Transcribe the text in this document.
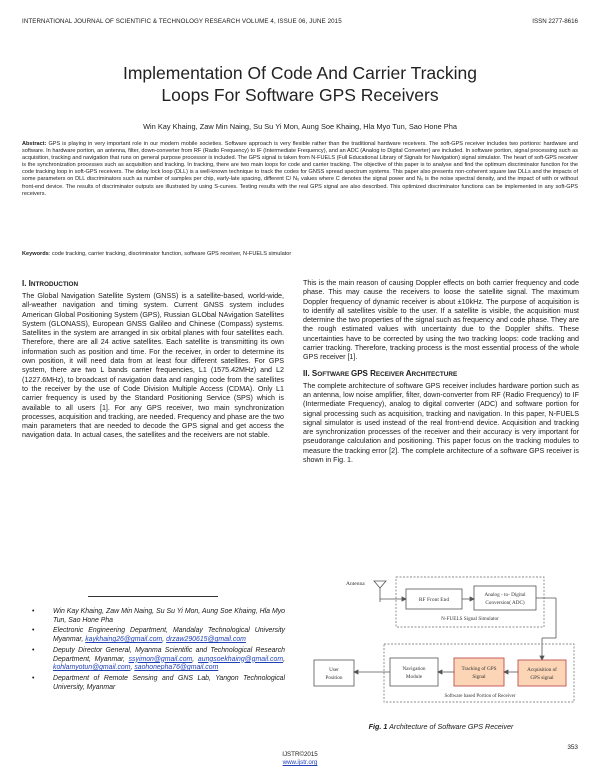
INTERNATIONAL JOURNAL OF SCIENTIFIC & TECHNOLOGY RESEARCH VOLUME 4, ISSUE 06, JUNE 2015	ISSN 2277-8616
Implementation Of Code And Carrier Tracking
Loops For Software GPS Receivers
Win Kay Khaing, Zaw Min Naing, Su Su Yi Mon, Aung Soe Khaing, Hla Myo Tun, Sao Hone Pha
Abstract: GPS is playing in very important role in our modern mobile societies. Software approach is very flexible rather than the traditional hardware receivers. The soft-GPS receiver includes two portions: hardware and software. In hardware portion, an antenna, filter, down-converter from RF (Radio Frequency) to IF (Intermediate Frequency), and an ADC (Analog to Digital Converter) are included. In software portion, signal processing such as acquisition, tracking and navigation that runs on general purpose processor is included. The GPS signal is taken from N-FUELS (Full Educational Library of Signals for Navigation) signal simulator. The heart of soft-GPS receiver is the synchronization processes such as acquisition and tracking. In tracking, there are two main loops for code and carrier tracking. The objective of this paper is to analyse and find the optimum discriminator function for the code tracking loop in soft-GPS receivers. The delay lock loop (DLL) is a well-known technique to track the codes for GNSS spread spectrum systems. This paper also presents non-coherent square law DLLs and the impacts of some parameters on DLL discriminators such as number of samples per chip, early-late spacing, different C/ N₀ values where C denotes the signal power and N₀ is the noise spectral density, and the impact of with or without front-end device. The results of discriminator outputs are illustrated by using S-curves. Testing results with the real GPS signal are also described. This optimized discriminator functions can be implemented in any soft-GPS receivers.
Keywords: code tracking, carrier tracking, discriminator function, software GPS receiver, N-FUELS simulator
I. INTRODUCTION

The Global Navigation Satellite System (GNSS) is a satellite-based, world-wide, all-weather navigation and timing system. Current GNSS system includes American Global Positioning System (GPS), Russian GLObal NAvigation Satellites System (GLONASS), European GNSS Galileo and Chinese (Compass) systems. Satellites in the system are arranged in six orbital planes with four satellites each. Therefore, there are all 24 active satellites. Each satellite is transmitting its own information such as position and time. For the receiver, in order to determine its own position, it will need data from at least four different satellites. For GPS system, there are two L bands carrier frequencies, L1 (1575.42MHz) and L2 (1227.6MHz), to broadcast of navigation data and ranging code from the satellites to the receiver by the use of Code Division Multiple Access (CDMA). Only L1 carrier frequency is used by the Standard Positioning Service (SPS) which is available to all users [1]. For any GPS receiver, two main synchronization processes, acquisition and tracking, are needed. Frequency and phase are the two main parameters that are needed to decode the GPS signal and get access the navigation data. In actual cases, the satellites and the receivers are not stable.

This is the main reason of causing Doppler effects on both carrier frequency and code phase. This may cause the receivers to loose the satellite signal. The maximum Doppler frequency of dynamic receiver is about ±10kHz. The purpose of acquisition is to identify all satellites visible to the user. If a satellite is visible, the acquisition must determine the two properties of the signal such as frequency and code phase. They are the rough estimated values with uncertainty due to the Doppler shifts. These uncertainties have to be corrected by using the two tracking loops: code tracking and carrier tracking. Therefore, tracking process is the most essential process of the whole GPS receiver [1].

II. SOFTWARE GPS RECEIVER ARCHITECTURE

The complete architecture of software GPS receiver includes hardware portion such as an antenna, low noise amplifier, filter, down-converter from RF (Radio Frequency) to IF (Intermediate Frequency), analog to digital converter (ADC) and software portion for signal processing such as acquisition, tracking and navigation. In this paper, N-FUELS signal simulator is used instead of the real front-end device. Acquisition and tracking are synchronization processes of the receiver and their accuracy is very important for pseudorange calculation and positioning. This paper focus on the tracking modules to measure the tracking error [2]. The complete architecture of a software GPS receiver is shown in Fig. 1.

• Win Kay Khaing, Zaw Min Naing, Su Su Yi Mon, Aung Soe Khaing, Hla Myo Tun, Sao Hone Pha
• Electronic Engineering Department, Mandalay Technological University Myanmar, kaykhaing26@gmail.com, drzaw290615@gmail.com
• Deputy Director General, Myanma Scientific and Technological Research Department, Myanmar, ssyimon@gmail.com, aungsoekhaing@gmail.com, kohlamyotun@gmail.com, saohonepha76@gmail.com
• Department of Remote Sensing and GNS Lab, Yangon Technological University, Myanmar
Antenna
RF Front End
Analog - to- Digital
Conversion( ADC)
N-FUELS Signal Simulator
User
Position
Navigation
Module
Tracking of GPS
Signal
Acquisition of
GPS signal
Software based Portion of Receiver
Fig. 1 Architecture of Software GPS Receiver
353
IJSTR©2015
www.ijstr.org
